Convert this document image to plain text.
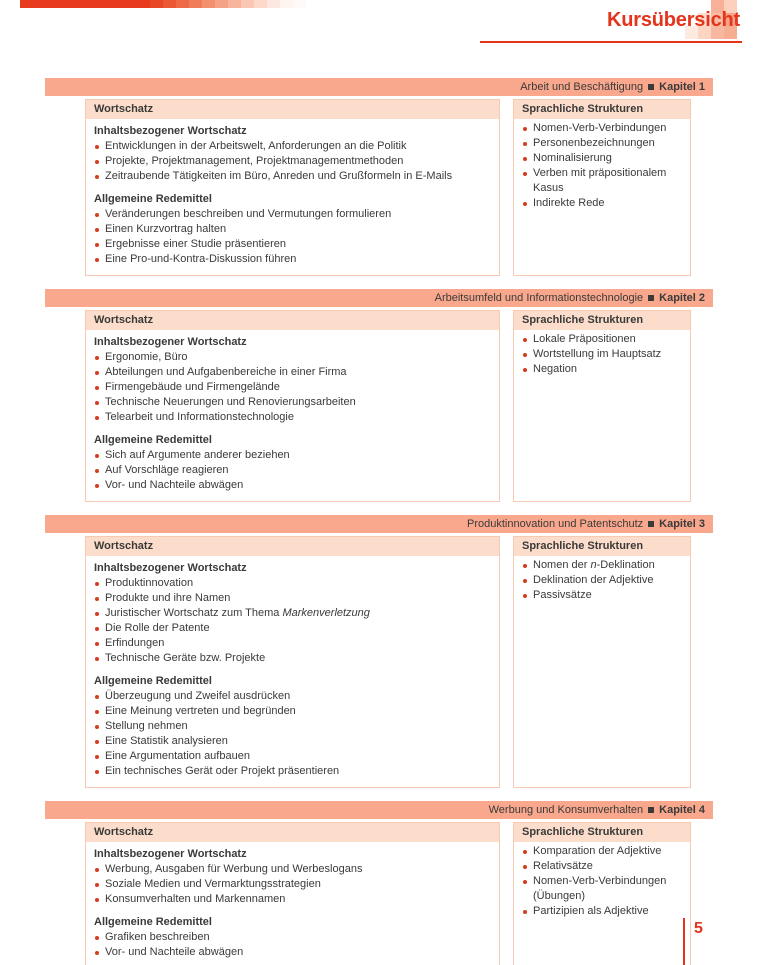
Kursübersicht
Arbeit und Beschäftigung Kapitel 1
Wortschatz
Inhaltsbezogener Wortschatz
Entwicklungen in der Arbeitswelt, Anforderungen an die Politik
Projekte, Projektmanagement, Projektmanagementmethoden
Zeitraubende Tätigkeiten im Büro, Anreden und Grußformeln in E-Mails
Allgemeine Redemittel
Veränderungen beschreiben und Vermutungen formulieren
Einen Kurzvortrag halten
Ergebnisse einer Studie präsentieren
Eine Pro-und-Kontra-Diskussion führen
Sprachliche Strukturen
Nomen-Verb-Verbindungen
Personenbezeichnungen
Nominalisierung
Verben mit präpositionalem Kasus
Indirekte Rede
Arbeitsumfeld und Informationstechnologie Kapitel 2
Wortschatz
Inhaltsbezogener Wortschatz
Ergonomie, Büro
Abteilungen und Aufgabenbereiche in einer Firma
Firmengebäude und Firmengelände
Technische Neuerungen und Renovierungsarbeiten
Telearbeit und Informationstechnologie
Allgemeine Redemittel
Sich auf Argumente anderer beziehen
Auf Vorschläge reagieren
Vor- und Nachteile abwägen
Sprachliche Strukturen
Lokale Präpositionen
Wortstellung im Hauptsatz
Negation
Produktinnovation und Patentschutz Kapitel 3
Wortschatz
Inhaltsbezogener Wortschatz
Produktinnovation
Produkte und ihre Namen
Juristischer Wortschatz zum Thema Markenverletzung
Die Rolle der Patente
Erfindungen
Technische Geräte bzw. Projekte
Allgemeine Redemittel
Überzeugung und Zweifel ausdrücken
Eine Meinung vertreten und begründen
Stellung nehmen
Eine Statistik analysieren
Eine Argumentation aufbauen
Ein technisches Gerät oder Projekt präsentieren
Sprachliche Strukturen
Nomen der n-Deklination
Deklination der Adjektive
Passivsätze
Werbung und Konsumverhalten Kapitel 4
Wortschatz
Inhaltsbezogener Wortschatz
Werbung, Ausgaben für Werbung und Werbeslogans
Soziale Medien und Vermarktungsstrategien
Konsumverhalten und Markennamen
Allgemeine Redemittel
Grafiken beschreiben
Vor- und Nachteile abwägen
Sprachliche Strukturen
Komparation der Adjektive
Relativsätze
Nomen-Verb-Verbindungen (Übungen)
Partizipien als Adjektive
5
